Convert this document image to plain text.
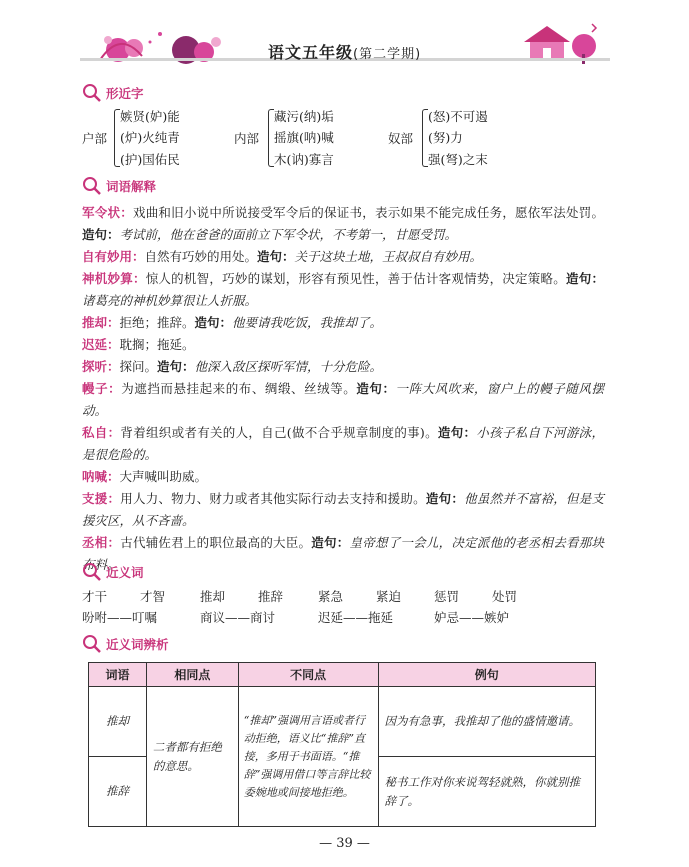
语文五年级(第二学期)
形近字
户部
嫉贤(妒)能
(炉)火纯青
(护)国佑民
内部
藏污(纳)垢
摇旗(呐)喊
木(讷)寡言
奴部
(怒)不可遏
(努)力
强(弩)之末
词语解释
军令状：戏曲和旧小说中所说接受军令后的保证书，表示如果不能完成任务，愿依军法处罚。造句：考试前，他在爸爸的面前立下军令状，不考第一，甘愿受罚。
自有妙用：自然有巧妙的用处。造句：关于这块土地，王叔叔自有妙用。
神机妙算：惊人的机智，巧妙的谋划，形容有预见性，善于估计客观情势，决定策略。造句：诸葛亮的神机妙算很让人折服。
推却：拒绝；推辞。造句：他要请我吃饭，我推却了。
迟延：耽搁；拖延。
探听：探问。造句：他深入敌区探听军情，十分危险。
幔子：为遮挡而悬挂起来的布、绸缎、丝绒等。造句：一阵大风吹来，窗户上的幔子随风摆动。
私自：背着组织或者有关的人，自己(做不合乎规章制度的事)。造句：小孩子私自下河游泳，是很危险的。
呐喊：大声喊叫助威。
支援：用人力、物力、财力或者其他实际行动去支持和援助。造句：他虽然并不富裕，但是支援灾区，从不吝啬。
丞相：古代辅佐君上的职位最高的大臣。造句：皇帝想了一会儿，决定派他的老丞相去看那块布料。
近义词
才干	才智	推却	推辞	紧急	紧迫	惩罚	处罚
吩咐——叮嘱	商议——商讨	迟延——拖延	妒忌——嫉妒
近义词辨析
词语	相同点	不同点	例句
推却	二者都有拒绝的意思。	“推却”强调用言语或者行动拒绝，语义比“推辞”直接，多用于书面语。“推辞”强调用借口等言辞比较委婉地或间接地拒绝。	因为有急事，我推却了他的盛情邀请。
推辞			秘书工作对你来说驾轻就熟，你就别推辞了。
— 39 —
